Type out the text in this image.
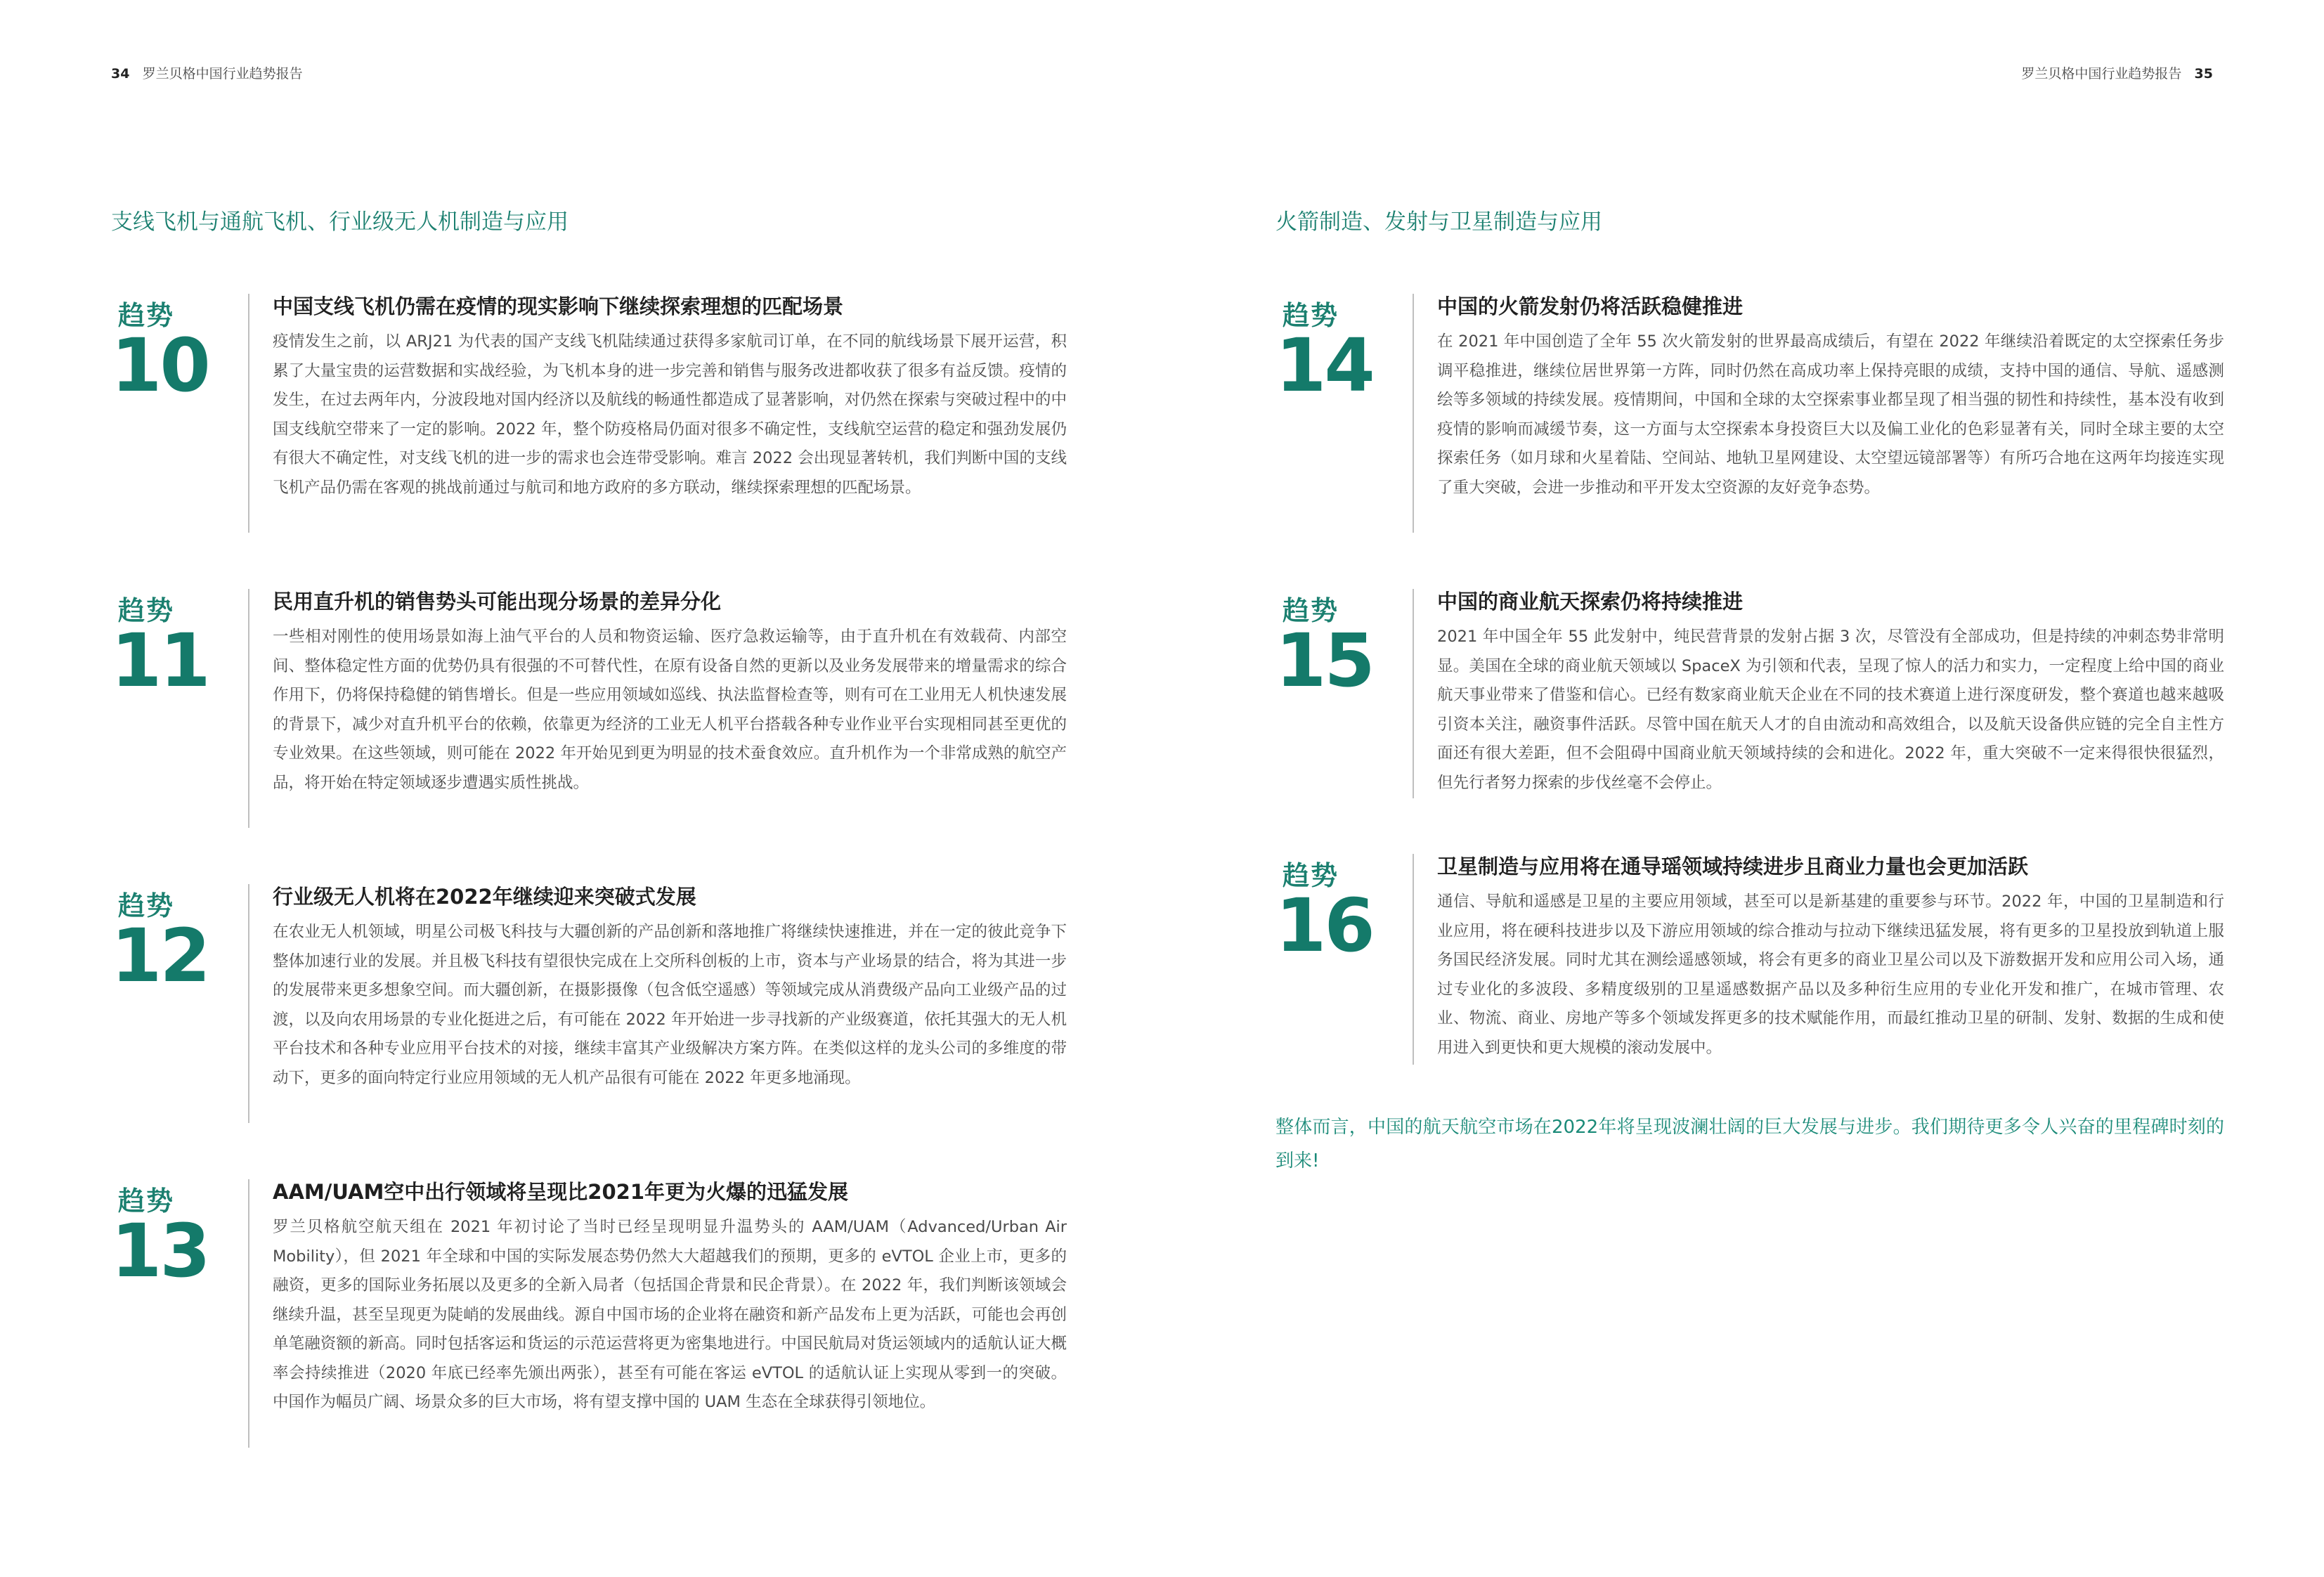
34 罗兰贝格中国行业趋势报告
支线飞机与通航飞机、行业级无人机制造与应用
趋势
10
中国支线飞机仍需在疫情的现实影响下继续探索理想的匹配场景

疫情发生之前，以 ARJ21 为代表的国产支线飞机陆续通过获得多家航司订单，在不同的航线场景下展开运营，积累了大量宝贵的运营数据和实战经验，为飞机本身的进一步完善和销售与服务改进都收获了很多有益反馈。疫情的发生，在过去两年内，分波段地对国内经济以及航线的畅通性都造成了显著影响，对仍然在探索与突破过程中的中国支线航空带来了一定的影响。2022 年，整个防疫格局仍面对很多不确定性，支线航空运营的稳定和强劲发展仍有很大不确定性，对支线飞机的进一步的需求也会连带受影响。难言 2022 会出现显著转机，我们判断中国的支线飞机产品仍需在客观的挑战前通过与航司和地方政府的多方联动，继续探索理想的匹配场景。

趋势
11
民用直升机的销售势头可能出现分场景的差异分化

一些相对刚性的使用场景如海上油气平台的人员和物资运输、医疗急救运输等，由于直升机在有效载荷、内部空间、整体稳定性方面的优势仍具有很强的不可替代性，在原有设备自然的更新以及业务发展带来的增量需求的综合作用下，仍将保持稳健的销售增长。但是一些应用领域如巡线、执法监督检查等，则有可在工业用无人机快速发展的背景下，减少对直升机平台的依赖，依靠更为经济的工业无人机平台搭载各种专业作业平台实现相同甚至更优的专业效果。在这些领域，则可能在 2022 年开始见到更为明显的技术蚕食效应。直升机作为一个非常成熟的航空产品，将开始在特定领域逐步遭遇实质性挑战。

趋势
12
行业级无人机将在2022年继续迎来突破式发展

在农业无人机领域，明星公司极飞科技与大疆创新的产品创新和落地推广将继续快速推进，并在一定的彼此竞争下整体加速行业的发展。并且极飞科技有望很快完成在上交所科创板的上市，资本与产业场景的结合，将为其进一步的发展带来更多想象空间。而大疆创新，在摄影摄像（包含低空遥感）等领域完成从消费级产品向工业级产品的过渡，以及向农用场景的专业化挺进之后，有可能在 2022 年开始进一步寻找新的产业级赛道，依托其强大的无人机平台技术和各种专业应用平台技术的对接，继续丰富其产业级解决方案方阵。在类似这样的龙头公司的多维度的带动下，更多的面向特定行业应用领域的无人机产品很有可能在 2022 年更多地涌现。

趋势
13
AAM/UAM空中出行领域将呈现比2021年更为火爆的迅猛发展

罗兰贝格航空航天组在 2021 年初讨论了当时已经呈现明显升温势头的 AAM/UAM（Advanced/Urban Air Mobility），但 2021 年全球和中国的实际发展态势仍然大大超越我们的预期，更多的 eVTOL 企业上市，更多的融资，更多的国际业务拓展以及更多的全新入局者（包括国企背景和民企背景）。在 2022 年，我们判断该领域会继续升温，甚至呈现更为陡峭的发展曲线。源自中国市场的企业将在融资和新产品发布上更为活跃，可能也会再创单笔融资额的新高。同时包括客运和货运的示范运营将更为密集地进行。中国民航局对货运领域内的适航认证大概率会持续推进（2020 年底已经率先颁出两张），甚至有可能在客运 eVTOL 的适航认证上实现从零到一的突破。中国作为幅员广阔、场景众多的巨大市场，将有望支撑中国的 UAM 生态在全球获得引领地位。

罗兰贝格中国行业趋势报告 35
火箭制造、发射与卫星制造与应用
趋势
14
中国的火箭发射仍将活跃稳健推进

在 2021 年中国创造了全年 55 次火箭发射的世界最高成绩后，有望在 2022 年继续沿着既定的太空探索任务步调平稳推进，继续位居世界第一方阵，同时仍然在高成功率上保持亮眼的成绩，支持中国的通信、导航、遥感测绘等多领域的持续发展。疫情期间，中国和全球的太空探索事业都呈现了相当强的韧性和持续性，基本没有收到疫情的影响而减缓节奏，这一方面与太空探索本身投资巨大以及偏工业化的色彩显著有关，同时全球主要的太空探索任务（如月球和火星着陆、空间站、地轨卫星网建设、太空望远镜部署等）有所巧合地在这两年均接连实现了重大突破，会进一步推动和平开发太空资源的友好竞争态势。

趋势
15
中国的商业航天探索仍将持续推进

2021 年中国全年 55 此发射中，纯民营背景的发射占据 3 次，尽管没有全部成功，但是持续的冲刺态势非常明显。美国在全球的商业航天领域以 SpaceX 为引领和代表，呈现了惊人的活力和实力，一定程度上给中国的商业航天事业带来了借鉴和信心。已经有数家商业航天企业在不同的技术赛道上进行深度研发，整个赛道也越来越吸引资本关注，融资事件活跃。尽管中国在航天人才的自由流动和高效组合，以及航天设备供应链的完全自主性方面还有很大差距，但不会阻碍中国商业航天领域持续的会和进化。2022 年，重大突破不一定来得很快很猛烈，但先行者努力探索的步伐丝毫不会停止。

趋势
16
卫星制造与应用将在通导瑶领域持续进步且商业力量也会更加活跃

通信、导航和遥感是卫星的主要应用领域，甚至可以是新基建的重要参与环节。2022 年，中国的卫星制造和行业应用，将在硬科技进步以及下游应用领域的综合推动与拉动下继续迅猛发展，将有更多的卫星投放到轨道上服务国民经济发展。同时尤其在测绘遥感领域，将会有更多的商业卫星公司以及下游数据开发和应用公司入场，通过专业化的多波段、多精度级别的卫星遥感数据产品以及多种衍生应用的专业化开发和推广，在城市管理、农业、物流、商业、房地产等多个领域发挥更多的技术赋能作用，而最红推动卫星的研制、发射、数据的生成和使用进入到更快和更大规模的滚动发展中。

整体而言，中国的航天航空市场在2022年将呈现波澜壮阔的巨大发展与进步。我们期待更多令人兴奋的里程碑时刻的到来!
